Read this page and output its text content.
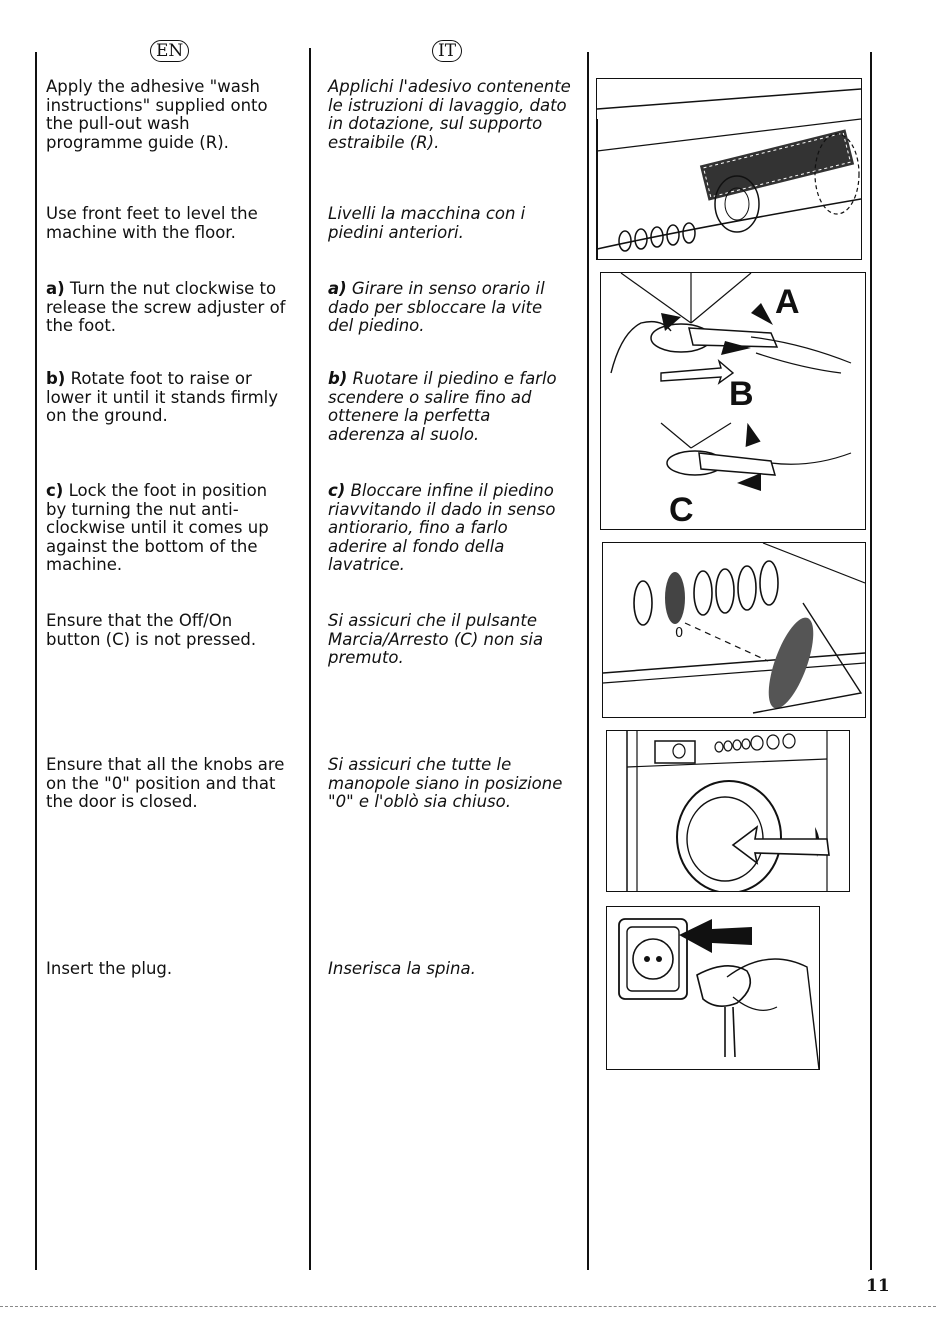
EN	IT

Apply the adhesive "wash instructions" supplied onto the pull-out wash programme guide (R).

Use front feet to level the machine with the floor.

a) Turn the nut clockwise to release the screw adjuster of the foot.

b) Rotate foot to raise or lower it until it stands firmly on the ground.

c) Lock the foot in position by turning the nut anti-clockwise until it comes up against the bottom of the machine.

Ensure that the Off/On button (C) is not pressed.

Ensure that all the knobs are on the "0" position and that the door is closed.

Insert the plug.

Applichi l'adesivo contenente le istruzioni di lavaggio, dato in dotazione, sul supporto estraibile (R).

Livelli la macchina con i piedini anteriori.

a) Girare in senso orario il dado per sbloccare la vite del piedino.

b) Ruotare il piedino e farlo scendere o salire fino ad ottenere la perfetta aderenza al suolo.

c) Bloccare infine il piedino riavvitando il dado in senso antiorario, fino a farlo aderire al fondo della lavatrice.

Si assicuri che il pulsante Marcia/Arresto (C) non sia premuto.

Si assicuri che tutte le manopole siano in posizione "0" e l'oblò sia chiuso.

Inserisca la spina.

A
B
C
0
11
